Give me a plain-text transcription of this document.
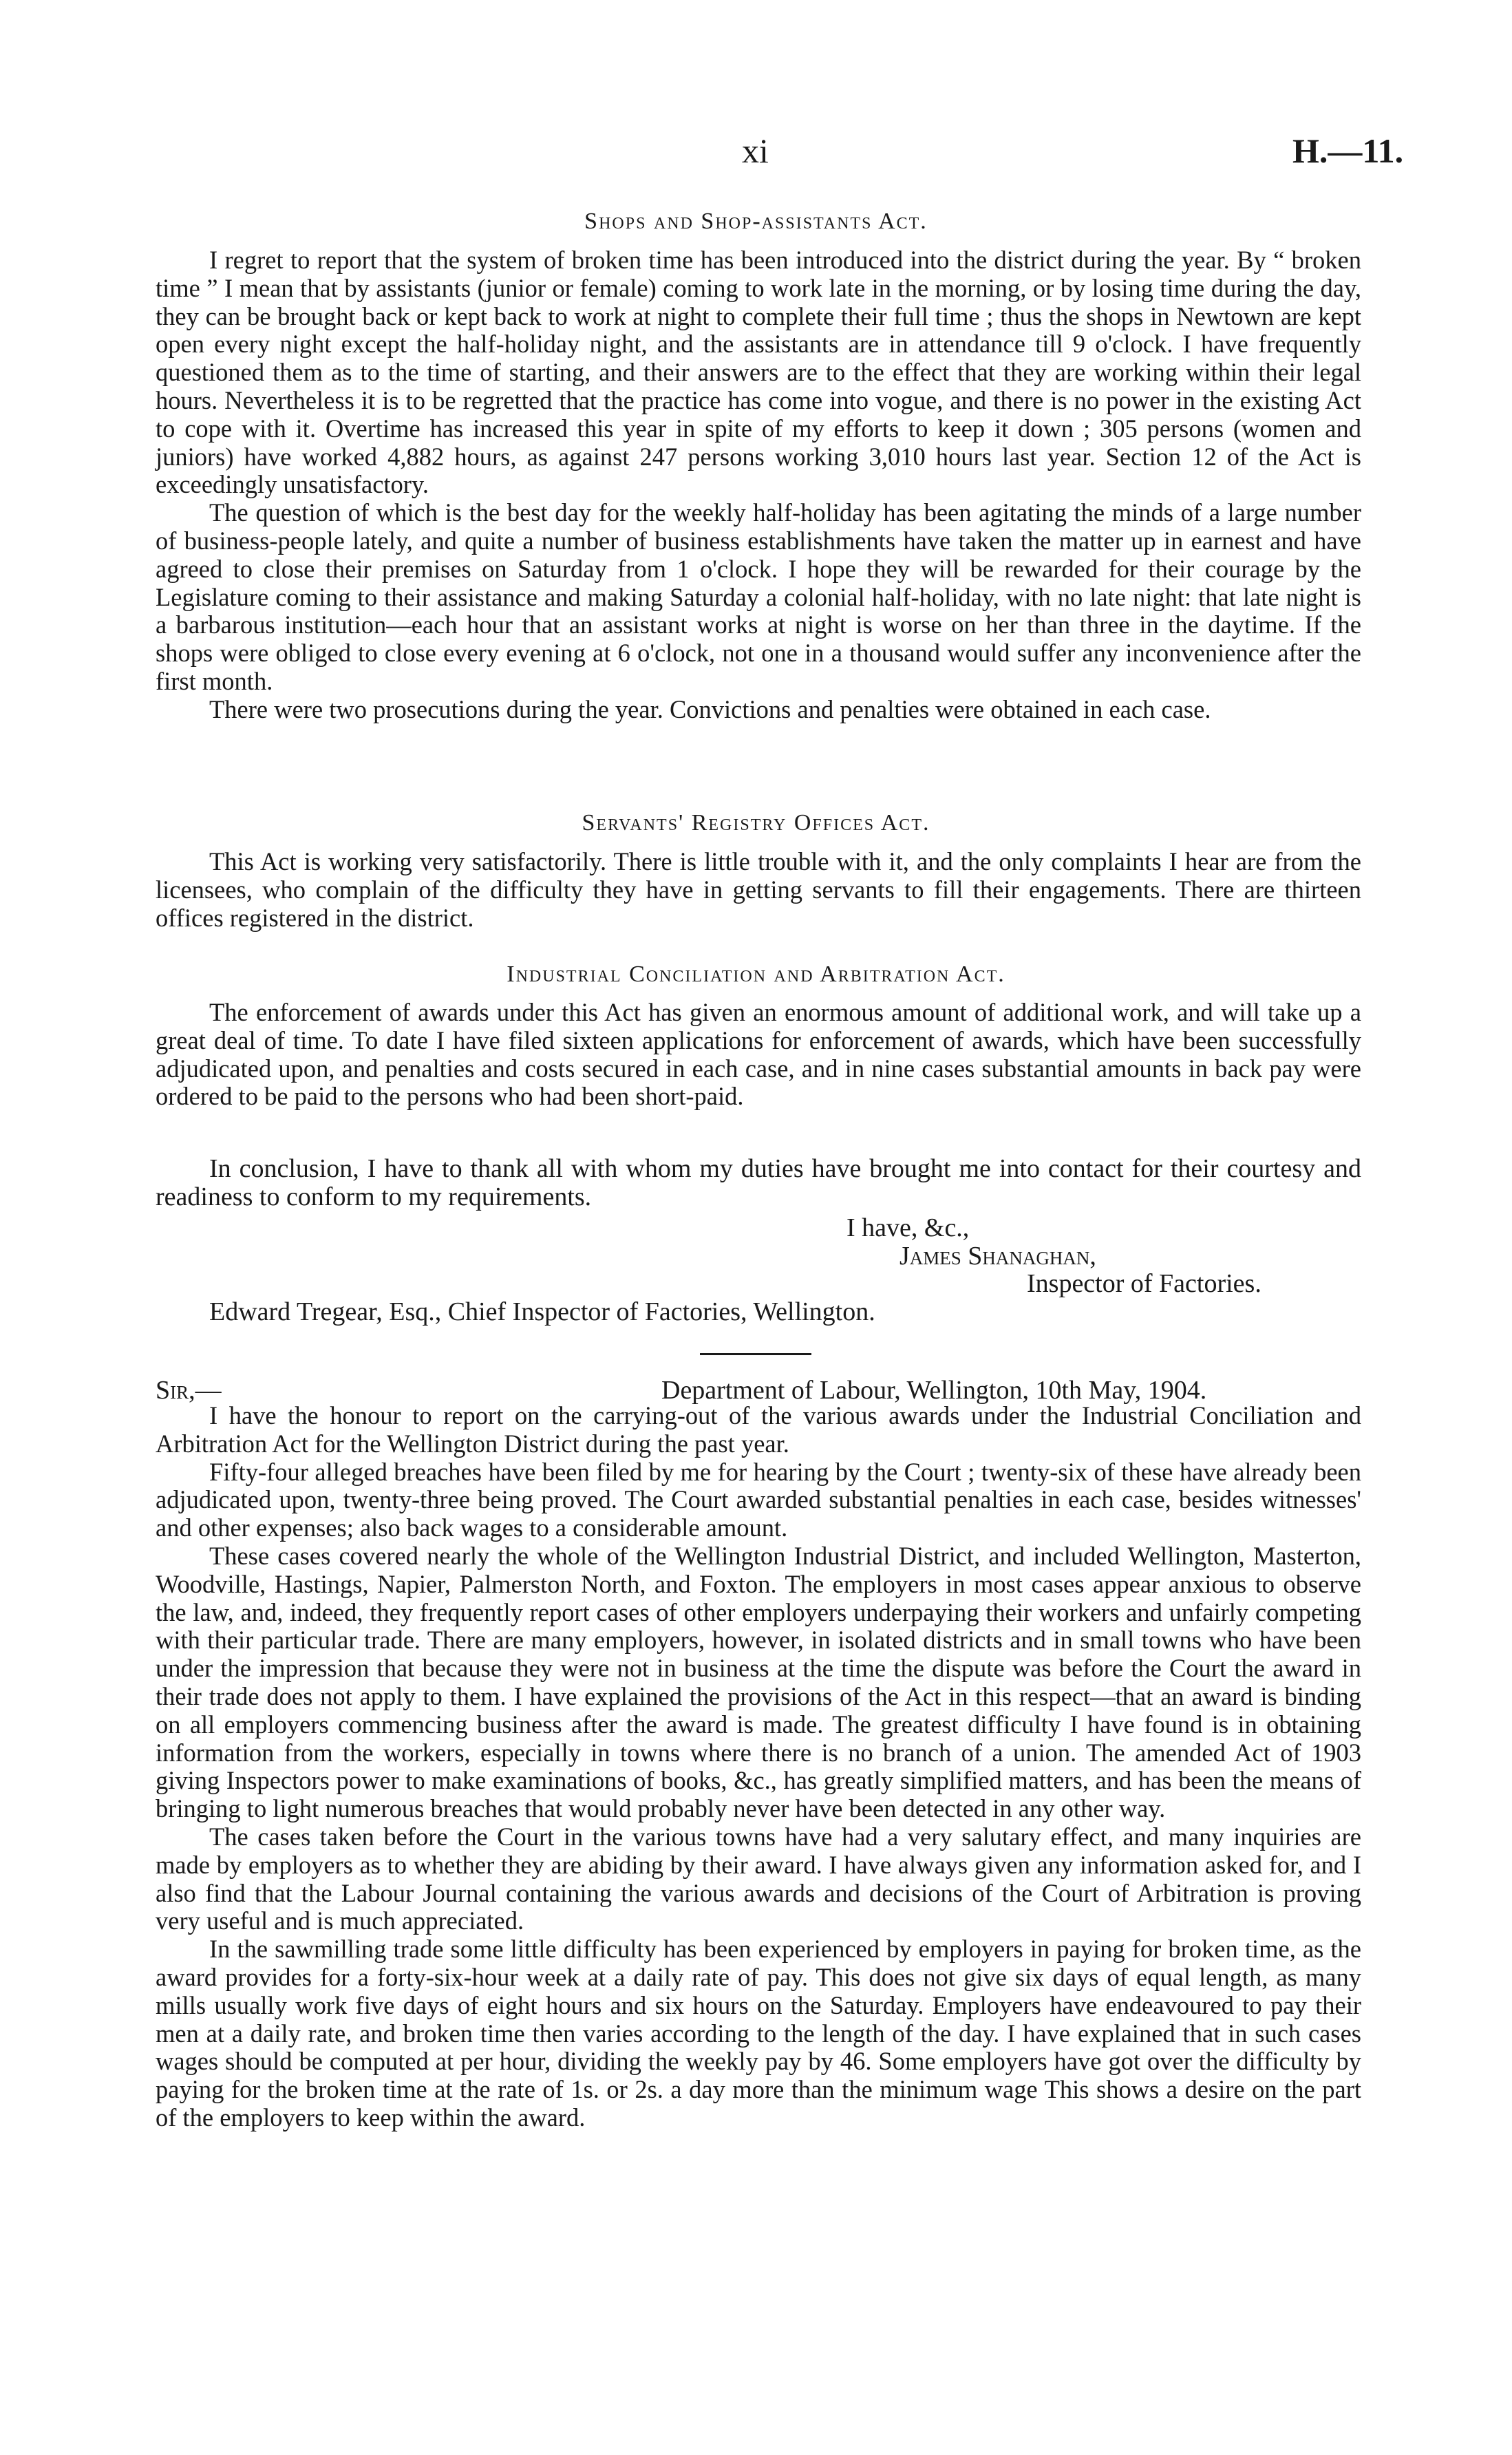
xi	H.—11.
Shops and Shop-assistants Act.

I regret to report that the system of broken time has been introduced into the district during the year. By “ broken time ” I mean that by assistants (junior or female) coming to work late in the morning, or by losing time during the day, they can be brought back or kept back to work at night to complete their full time ; thus the shops in Newtown are kept open every night except the half-holiday night, and the assistants are in attendance till 9 o'clock. I have frequently questioned them as to the time of starting, and their answers are to the effect that they are working within their legal hours. Nevertheless it is to be regretted that the practice has come into vogue, and there is no power in the existing Act to cope with it. Overtime has increased this year in spite of my efforts to keep it down ; 305 persons (women and juniors) have worked 4,882 hours, as against 247 persons working 3,010 hours last year. Section 12 of the Act is exceedingly unsatisfactory.

The question of which is the best day for the weekly half-holiday has been agitating the minds of a large number of business-people lately, and quite a number of business establishments have taken the matter up in earnest and have agreed to close their premises on Saturday from 1 o'clock. I hope they will be rewarded for their courage by the Legislature coming to their assistance and making Saturday a colonial half-holiday, with no late night: that late night is a barbarous institution—each hour that an assistant works at night is worse on her than three in the daytime. If the shops were obliged to close every evening at 6 o'clock, not one in a thousand would suffer any inconvenience after the first month.

There were two prosecutions during the year. Convictions and penalties were obtained in each case.

Servants' Registry Offices Act.

This Act is working very satisfactorily. There is little trouble with it, and the only complaints I hear are from the licensees, who complain of the difficulty they have in getting servants to fill their engagements. There are thirteen offices registered in the district.

Industrial Conciliation and Arbitration Act.

The enforcement of awards under this Act has given an enormous amount of additional work, and will take up a great deal of time. To date I have filed sixteen applications for enforcement of awards, which have been successfully adjudicated upon, and penalties and costs secured in each case, and in nine cases substantial amounts in back pay were ordered to be paid to the persons who had been short-paid.

In conclusion, I have to thank all with whom my duties have brought me into contact for their courtesy and readiness to conform to my requirements.

I have, &c.,
James Shanaghan,
Inspector of Factories.
Edward Tregear, Esq., Chief Inspector of Factories, Wellington.
Sir,—	Department of Labour, Wellington, 10th May, 1904.

I have the honour to report on the carrying-out of the various awards under the Industrial Conciliation and Arbitration Act for the Wellington District during the past year.

Fifty-four alleged breaches have been filed by me for hearing by the Court ; twenty-six of these have already been adjudicated upon, twenty-three being proved. The Court awarded substantial penalties in each case, besides witnesses' and other expenses; also back wages to a considerable amount.

These cases covered nearly the whole of the Wellington Industrial District, and included Wellington, Masterton, Woodville, Hastings, Napier, Palmerston North, and Foxton. The employers in most cases appear anxious to observe the law, and, indeed, they frequently report cases of other employers underpaying their workers and unfairly competing with their particular trade. There are many employers, however, in isolated districts and in small towns who have been under the impression that because they were not in business at the time the dispute was before the Court the award in their trade does not apply to them. I have explained the provisions of the Act in this respect—that an award is binding on all employers commencing business after the award is made. The greatest difficulty I have found is in obtaining information from the workers, especially in towns where there is no branch of a union. The amended Act of 1903 giving Inspectors power to make examinations of books, &c., has greatly simplified matters, and has been the means of bringing to light numerous breaches that would probably never have been detected in any other way.

The cases taken before the Court in the various towns have had a very salutary effect, and many inquiries are made by employers as to whether they are abiding by their award. I have always given any information asked for, and I also find that the Labour Journal containing the various awards and decisions of the Court of Arbitration is proving very useful and is much appreciated.

In the sawmilling trade some little difficulty has been experienced by employers in paying for broken time, as the award provides for a forty-six-hour week at a daily rate of pay. This does not give six days of equal length, as many mills usually work five days of eight hours and six hours on the Saturday. Employers have endeavoured to pay their men at a daily rate, and broken time then varies according to the length of the day. I have explained that in such cases wages should be computed at per hour, dividing the weekly pay by 46. Some employers have got over the difficulty by paying for the broken time at the rate of 1s. or 2s. a day more than the minimum wage This shows a desire on the part of the employers to keep within the award.
